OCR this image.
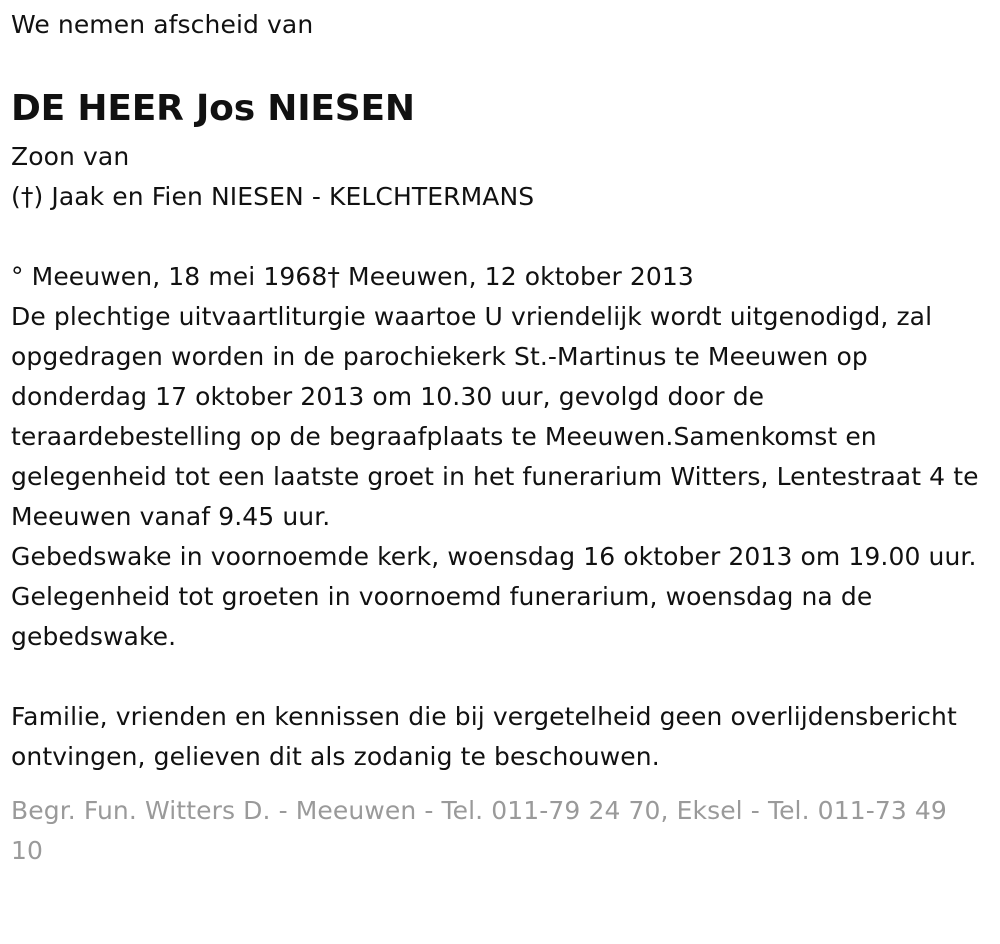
We nemen afscheid van
DE HEER Jos NIESEN
Zoon van
(†) Jaak en Fien NIESEN - KELCHTERMANS
° Meeuwen, 18 mei 1968† Meeuwen, 12 oktober 2013
De plechtige uitvaartliturgie waartoe U vriendelijk wordt uitgenodigd, zal opgedragen worden in de parochiekerk St.-Martinus te Meeuwen op donderdag 17 oktober 2013 om 10.30 uur, gevolgd door de teraardebestelling op de begraafplaats te Meeuwen.Samenkomst en gelegenheid tot een laatste groet in het funerarium Witters, Lentestraat 4 te Meeuwen vanaf 9.45 uur.
Gebedswake in voornoemde kerk, woensdag 16 oktober 2013 om 19.00 uur.
Gelegenheid tot groeten in voornoemd funerarium, woensdag na de gebedswake.
Familie, vrienden en kennissen die bij vergetelheid geen overlijdensbericht ontvingen, gelieven dit als zodanig te beschouwen.
Begr. Fun. Witters D. - Meeuwen - Tel. 011-79 24 70, Eksel - Tel. 011-73 49 10
